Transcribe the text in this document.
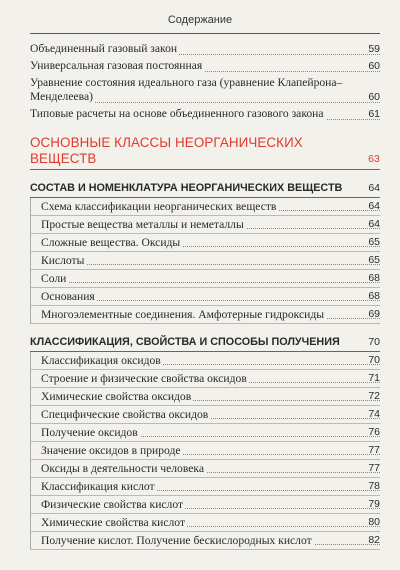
Содержание
Объединенный газовый закон	59
Универсальная газовая постоянная	60
Уравнение состояния идеального газа (уравнение Клапейрона–Менделеева)	60
Типовые расчеты на основе объединенного газового закона	61
ОСНОВНЫЕ КЛАССЫ НЕОРГАНИЧЕСКИХ ВЕЩЕСТВ	63
СОСТАВ И НОМЕНКЛАТУРА НЕОРГАНИЧЕСКИХ ВЕЩЕСТВ 64
Схема классификации неорганических веществ	64
Простые вещества металлы и неметаллы	64
Сложные вещества. Оксиды	65
Кислоты	65
Соли	68
Основания	68
Многоэлементные соединения. Амфотерные гидроксиды	69
КЛАССИФИКАЦИЯ, СВОЙСТВА И СПОСОБЫ ПОЛУЧЕНИЯ	70
Классификация оксидов	70
Строение и физические свойства оксидов	71
Химические свойства оксидов	72
Специфические свойства оксидов	74
Получение оксидов	76
Значение оксидов в природе	77
Оксиды в деятельности человека	77
Классификация кислот	78
Физические свойства кислот	79
Химические свойства кислот	80
Получение кислот. Получение бескислородных кислот	82
